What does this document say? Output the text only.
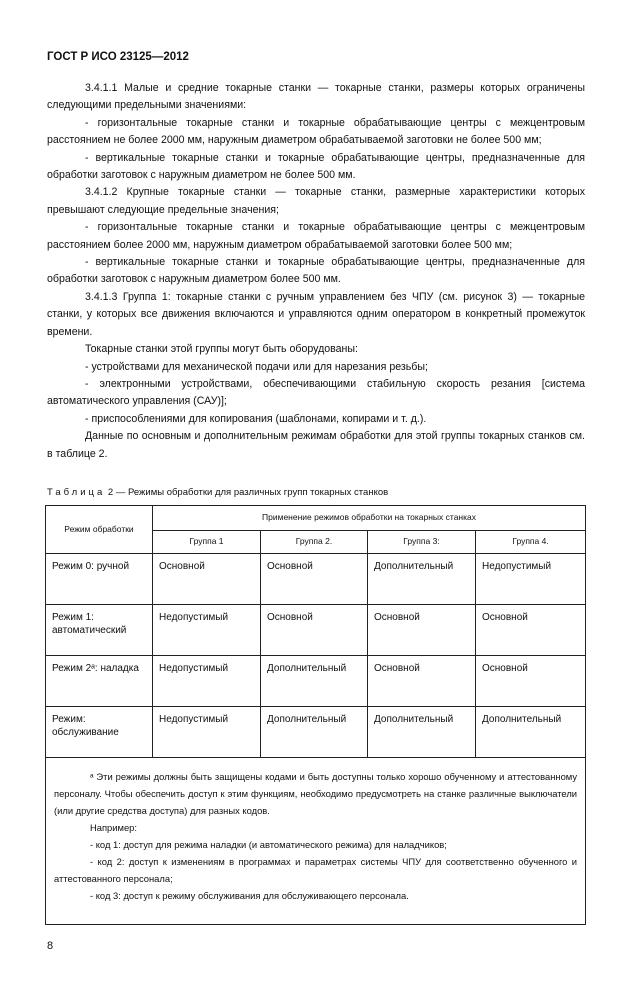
ГОСТ Р ИСО 23125—2012

3.4.1.1 Малые и средние токарные станки — токарные станки, размеры которых ограничены следующими предельными значениями:

- горизонтальные токарные станки и токарные обрабатывающие центры с межцентровым расстоянием не более 2000 мм, наружным диаметром обрабатываемой заготовки не более 500 мм;

- вертикальные токарные станки и токарные обрабатывающие центры, предназначенные для обработки заготовок с наружным диаметром не более 500 мм.

3.4.1.2 Крупные токарные станки — токарные станки, размерные характеристики которых превышают следующие предельные значения;

- горизонтальные токарные станки и токарные обрабатывающие центры с межцентровым расстоянием более 2000 мм, наружным диаметром обрабатываемой заготовки более 500 мм;

- вертикальные токарные станки и токарные обрабатывающие центры, предназначенные для обработки заготовок с наружным диаметром более 500 мм.

3.4.1.3 Группа 1: токарные станки с ручным управлением без ЧПУ (см. рисунок 3) — токарные станки, у которых все движения включаются и управляются одним оператором в конкретный промежуток времени.

Токарные станки этой группы могут быть оборудованы:

- устройствами для механической подачи или для нарезания резьбы;

- электронными устройствами, обеспечивающими стабильную скорость резания [система автоматического управления (САУ)];

- приспособлениями для копирования (шаблонами, копирами и т. д.).

Данные по основным и дополнительным режимам обработки для этой группы токарных станков см. в таблице 2.

Таблица 2 — Режимы обработки для различных групп токарных станков
Режим обработки	Применение режимов обработки на токарных станках			
	Группа 1	Группа 2.	Группа 3:	Группа 4.
Режим 0: ручной	Основной	Основной	Дополнительный	Недопустимый
Режим 1: автоматический	Недопустимый	Основной	Основной	Основной
Режим 2ᵃ: наладка	Недопустимый	Дополнительный	Основной	Основной
Режим: обслуживание	Недопустимый	Дополнительный	Дополнительный	Дополнительный

ᵃ Эти режимы должны быть защищены кодами и быть доступны только хорошо обученному и аттестованному персоналу. Чтобы обеспечить доступ к этим функциям, необходимо предусмотреть на станке различные выключатели (или другие средства доступа) для разных кодов.

Например:

- код 1: доступ для режима наладки (и автоматического режима) для наладчиков;

- код 2: доступ к изменениям в программах и параметрах системы ЧПУ для соответственно обученного и аттестованного персонала;

- код 3: доступ к режиму обслуживания для обслуживающего персонала.				

8
